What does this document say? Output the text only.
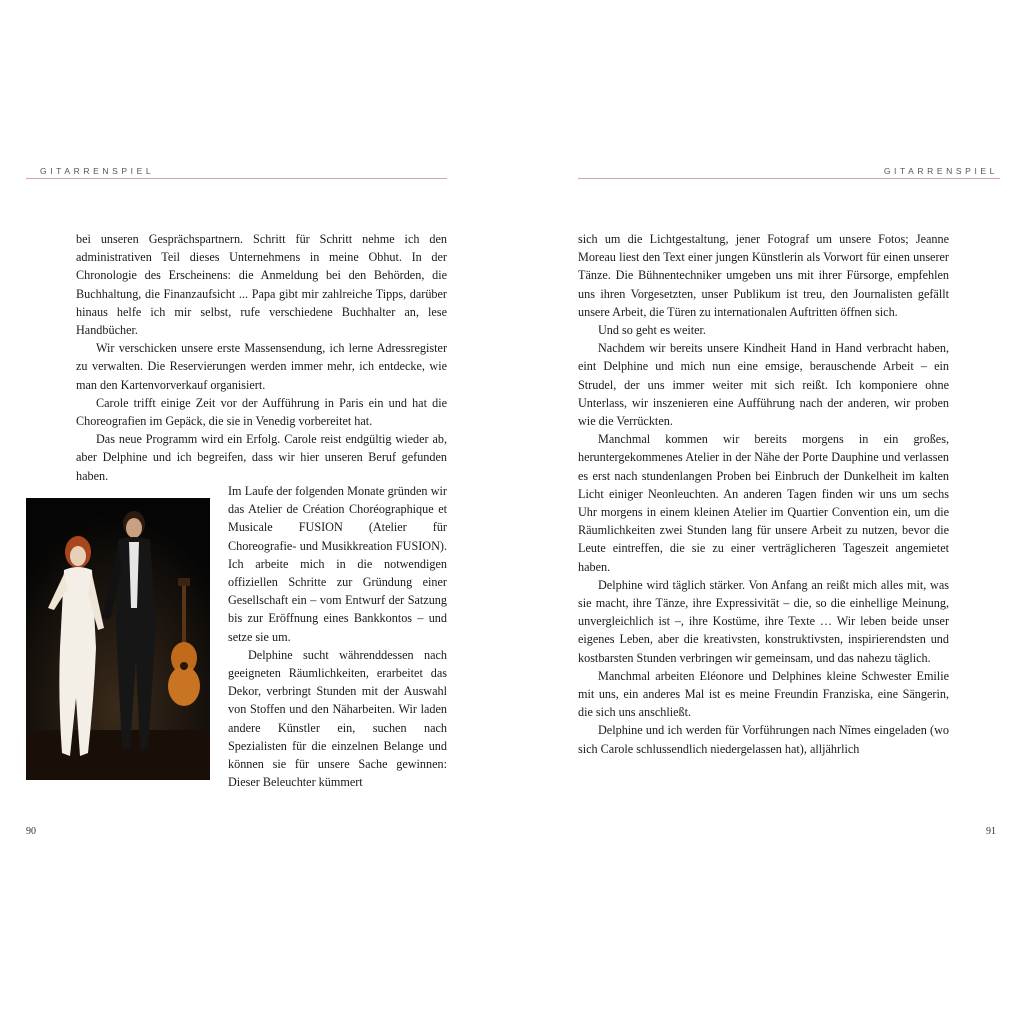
GITARRENSPIEL

bei unseren Gesprächspartnern. Schritt für Schritt nehme ich den administrativen Teil dieses Unternehmens in meine Obhut. In der Chronologie des Erscheinens: die Anmeldung bei den Behörden, die Buchhaltung, die Finanzaufsicht ... Papa gibt mir zahlreiche Tipps, darüber hinaus helfe ich mir selbst, rufe verschiedene Buchhalter an, lese Handbücher.

Wir verschicken unsere erste Massensendung, ich lerne Adressregister zu verwalten. Die Reservierungen werden immer mehr, ich entdecke, wie man den Kartenvorverkauf organisiert.

Carole trifft einige Zeit vor der Aufführung in Paris ein und hat die Choreografien im Gepäck, die sie in Venedig vorbereitet hat.

Das neue Programm wird ein Erfolg. Carole reist endgültig wieder ab, aber Delphine und ich begreifen, dass wir hier unseren Beruf gefunden haben.

Im Laufe der folgenden Monate gründen wir das Atelier de Création Choréographique et Musicale FUSION (Atelier für Choreografie- und Musikkreation FUSION). Ich arbeite mich in die notwendigen offiziellen Schritte zur Gründung einer Gesellschaft ein – vom Entwurf der Satzung bis zur Eröffnung eines Bankkontos – und setze sie um.

Delphine sucht währenddessen nach geeigneten Räumlichkeiten, erarbeitet das Dekor, verbringt Stunden mit der Auswahl von Stoffen und den Näharbeiten. Wir laden andere Künstler ein, suchen nach Spezialisten für die einzelnen Belange und können sie für unsere Sache gewinnen: Dieser Beleuchter kümmert

90
GITARRENSPIEL

sich um die Lichtgestaltung, jener Fotograf um unsere Fotos; Jeanne Moreau liest den Text einer jungen Künstlerin als Vorwort für einen unserer Tänze. Die Bühnentechniker umgeben uns mit ihrer Fürsorge, empfehlen uns ihren Vorgesetzten, unser Publikum ist treu, den Journalisten gefällt unsere Arbeit, die Türen zu internationalen Auftritten öffnen sich.

Und so geht es weiter.

Nachdem wir bereits unsere Kindheit Hand in Hand verbracht haben, eint Delphine und mich nun eine emsige, berauschende Arbeit – ein Strudel, der uns immer weiter mit sich reißt. Ich komponiere ohne Unterlass, wir inszenieren eine Aufführung nach der anderen, wir proben wie die Verrückten.

Manchmal kommen wir bereits morgens in ein großes, heruntergekommenes Atelier in der Nähe der Porte Dauphine und verlassen es erst nach stundenlangen Proben bei Einbruch der Dunkelheit im kalten Licht einiger Neonleuchten. An anderen Tagen finden wir uns um sechs Uhr morgens in einem kleinen Atelier im Quartier Convention ein, um die Räumlichkeiten zwei Stunden lang für unsere Arbeit zu nutzen, bevor die Leute eintreffen, die sie zu einer verträglicheren Tageszeit angemietet haben.

Delphine wird täglich stärker. Von Anfang an reißt mich alles mit, was sie macht, ihre Tänze, ihre Expressivität – die, so die einhellige Meinung, unvergleichlich ist –, ihre Kostüme, ihre Texte … Wir leben beide unser eigenes Leben, aber die kreativsten, konstruktivsten, inspirierendsten und kostbarsten Stunden verbringen wir gemeinsam, und das nahezu täglich.

Manchmal arbeiten Eléonore und Delphines kleine Schwester Emilie mit uns, ein anderes Mal ist es meine Freundin Franziska, eine Sängerin, die sich uns anschließt.

Delphine und ich werden für Vorführungen nach Nîmes eingeladen (wo sich Carole schlussendlich niedergelassen hat), alljährlich

91
